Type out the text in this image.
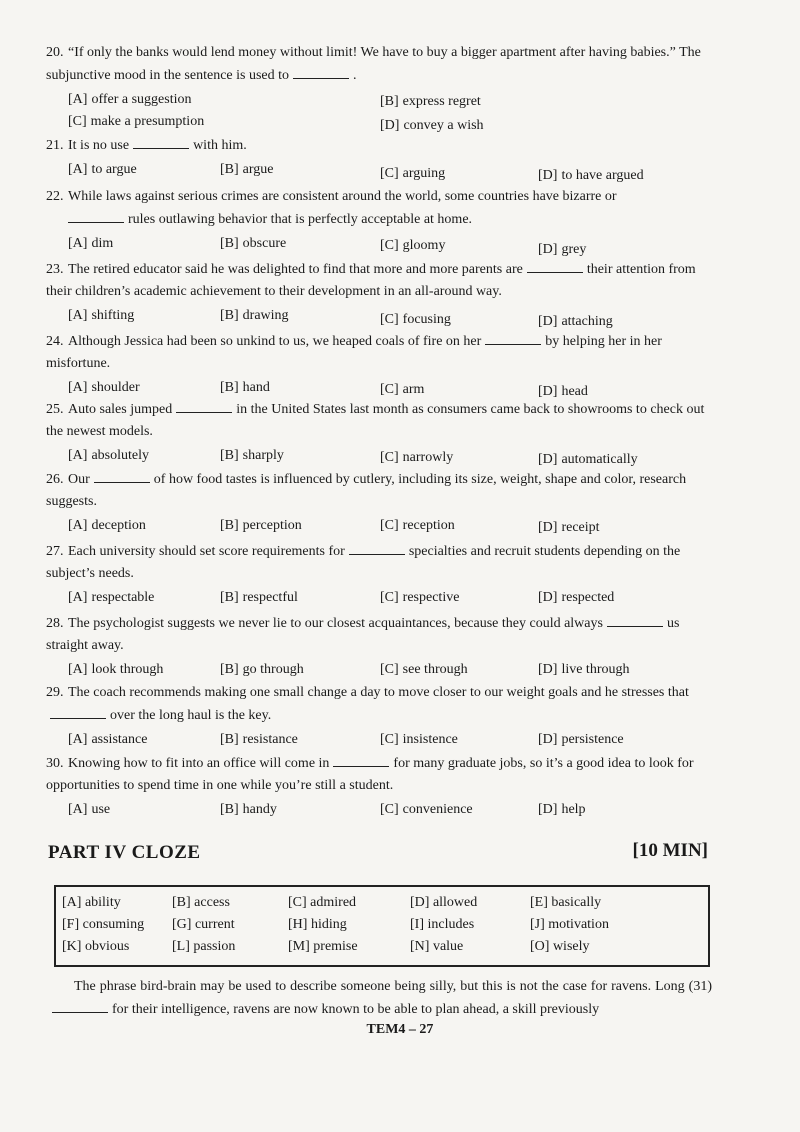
20. “If only the banks would lend money without limit! We have to buy a bigger apartment after having babies.” The subjunctive mood in the sentence is used to	.
[A] offer a suggestion	[B] express regret
[C] make a presumption	[D] convey a wish
21. It is no use	with him.
[A] to argue	[B] argue	[C] arguing	[D] to have argued
22. While laws against serious crimes are consistent around the world, some countries have bizarre or
rules outlawing behavior that is perfectly acceptable at home.
[A] dim	[B] obscure	[C] gloomy	[D] grey
23. The retired educator said he was delighted to find that more and more parents are	their attention from their children’s academic achievement to their development in an all-around way.
[A] shifting	[B] drawing	[C] focusing	[D] attaching
24. Although Jessica had been so unkind to us, we heaped coals of fire on her	by helping her in her misfortune.
[A] shoulder	[B] hand	[C] arm	[D] head
25. Auto sales jumped	in the United States last month as consumers came back to showrooms to check out the newest models.
[A] absolutely	[B] sharply	[C] narrowly	[D] automatically
26. Our	of how food tastes is influenced by cutlery, including its size, weight, shape and color, research suggests.
[A] deception	[B] perception	[C] reception	[D] receipt
27. Each university should set score requirements for	specialties and recruit students depending on the subject’s needs.
[A] respectable	[B] respectful	[C] respective	[D] respected
28. The psychologist suggests we never lie to our closest acquaintances, because they could always	us straight away.
[A] look through	[B] go through	[C] see through	[D] live through
29. The coach recommends making one small change a day to move closer to our weight goals and he stresses thatover the long haul is the key.
[A] assistance	[B] resistance	[C] insistence	[D] persistence
30. Knowing how to fit into an office will come in	for many graduate jobs, so it’s a good idea to look for opportunities to spend time in one while you’re still a student.
[A] use	[B] handy	[C] convenience	[D] help
PART IV CLOZE	[10 MIN]
[A] ability	[B] access	[C] admired	[D] allowed	[E] basically
[F] consuming [G] current	[H] hiding	[I] includes	[J] motivation
[K] obvious	[L] passion	[M] premise	[N] value	[O] wisely
The phrase bird-brain may be used to describe someone being silly, but this is not the case for ravens. Long (31)for their intelligence, ravens are now known to be able to plan ahead, a skill previously
TEM4 – 27
